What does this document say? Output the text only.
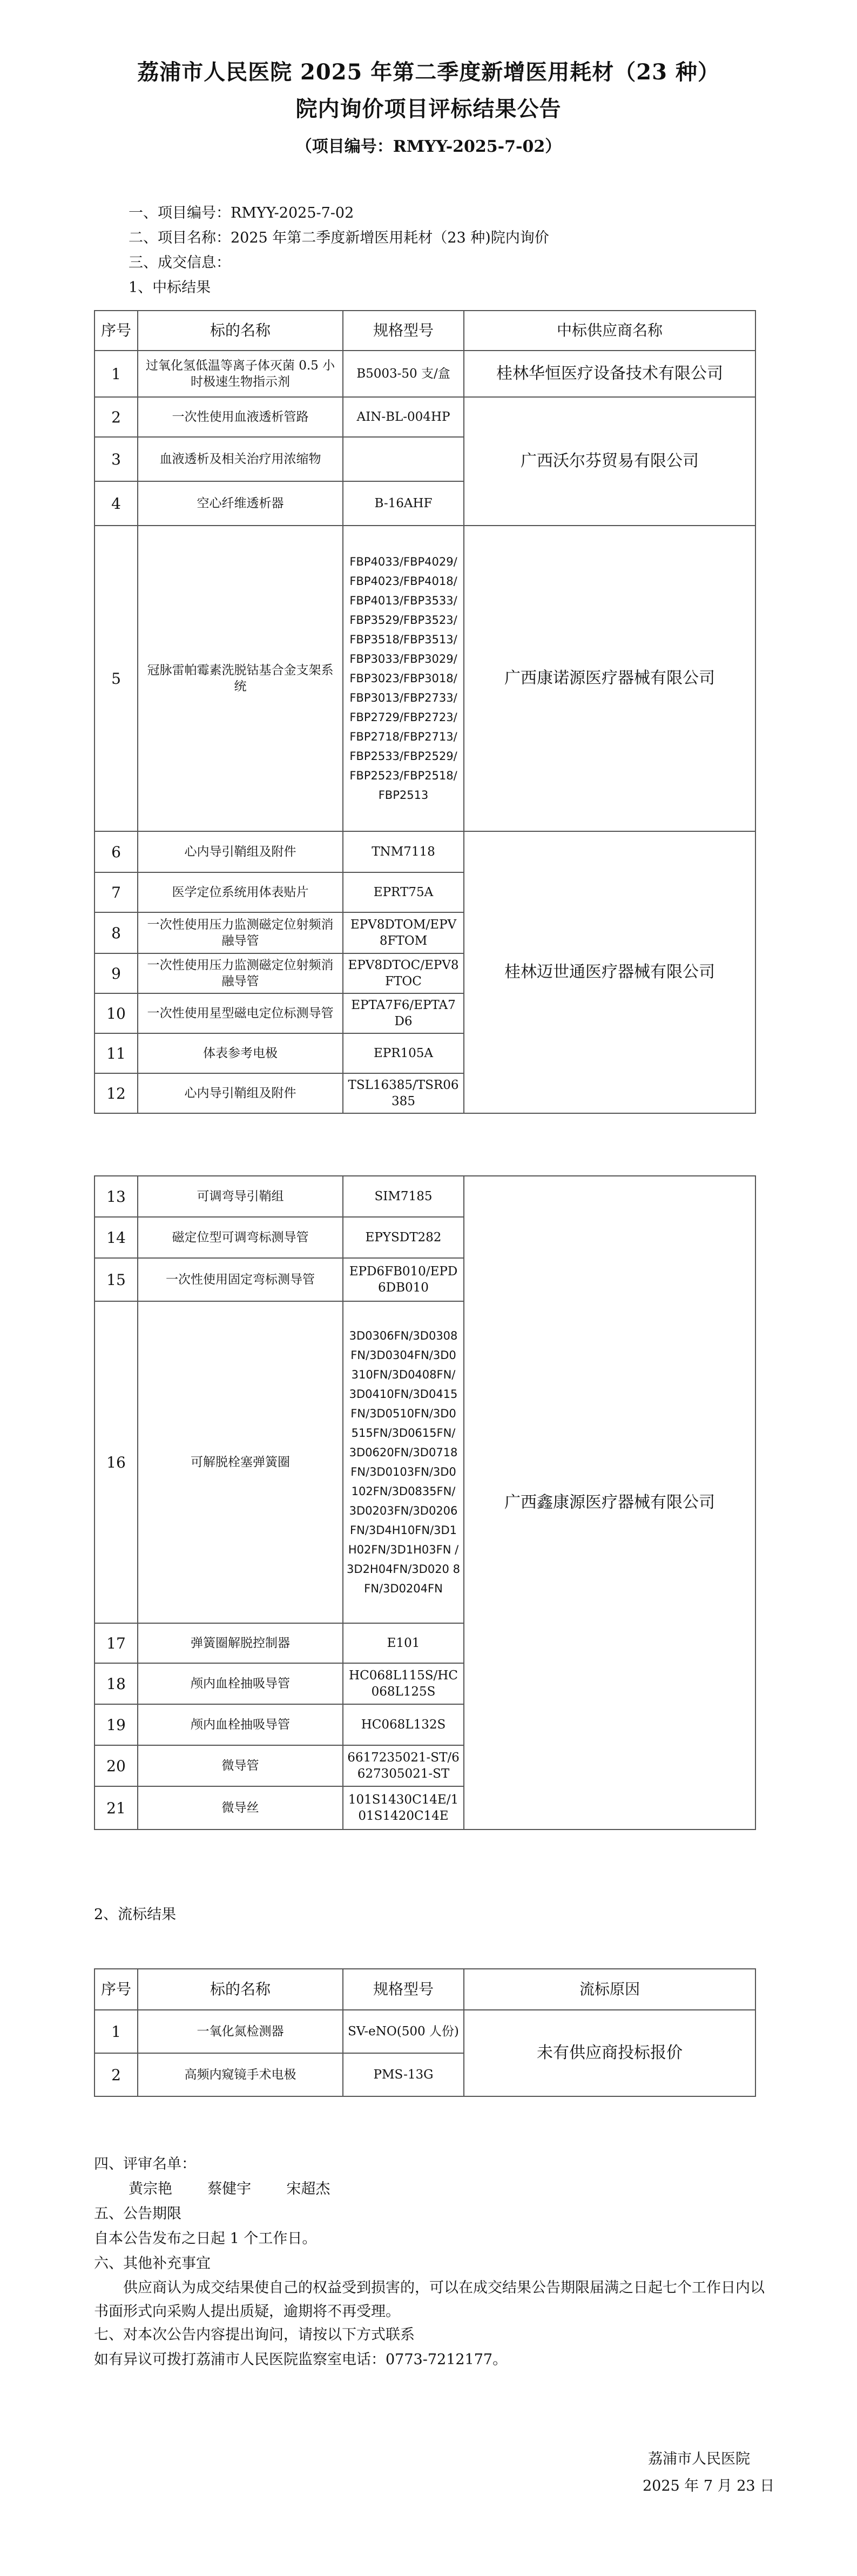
荔浦市人民医院 2025 年第二季度新增医用耗材（23 种）
院内询价项目评标结果公告
（项目编号：RMYY-2025-7-02）
一、项目编号：RMYY-2025-7-02
二、项目名称：2025 年第二季度新增医用耗材（23 种)院内询价
三、成交信息：
1、中标结果
序号	标的名称	规格型号	中标供应商名称
1	过氧化氢低温等离子体灭菌 0.5 小时极速生物指示剂	B5003-50 支/盒	桂林华恒医疗设备技术有限公司
2	一次性使用血液透析管路	AIN-BL-004HP	广西沃尔芬贸易有限公司
3	血液透析及相关治疗用浓缩物		
4	空心纤维透析器	B-16AHF	
5	冠脉雷帕霉素洗脱钴基合金支架系统	FBP4033/FBP4029/ FBP4023/FBP4018/ FBP4013/FBP3533/ FBP3529/FBP3523/ FBP3518/FBP3513/ FBP3033/FBP3029/ FBP3023/FBP3018/ FBP3013/FBP2733/ FBP2729/FBP2723/ FBP2718/FBP2713/ FBP2533/FBP2529/ FBP2523/FBP2518/ FBP2513	广西康诺源医疗器械有限公司
6	心内导引鞘组及附件	TNM7118	桂林迈世通医疗器械有限公司
7	医学定位系统用体表贴片	EPRT75A	
8	一次性使用压力监测磁定位射频消融导管	EPV8DTOM/EPV8FTOM	
9	一次性使用压力监测磁定位射频消融导管	EPV8DTOC/EPV8FTOC	
10	一次性使用星型磁电定位标测导管	EPTA7F6/EPTA7D6	
11	体表参考电极	EPR105A	
12	心内导引鞘组及附件	TSL16385/TSR06385	
13	可调弯导引鞘组	SIM7185	广西鑫康源医疗器械有限公司
14	磁定位型可调弯标测导管	EPYSDT282	
15	一次性使用固定弯标测导管	EPD6FB010/EPD6DB010	
16	可解脱栓塞弹簧圈	3D0306FN/3D0308 FN/3D0304FN/3D0 310FN/3D0408FN/ 3D0410FN/3D0415 FN/3D0510FN/3D0 515FN/3D0615FN/ 3D0620FN/3D0718 FN/3D0103FN/3D0 102FN/3D0835FN/ 3D0203FN/3D0206 FN/3D4H10FN/3D1 H02FN/3D1H03FN /3D2H04FN/3D020 8FN/3D0204FN	
17	弹簧圈解脱控制器	E101	
18	颅内血栓抽吸导管	HC068L115S/HC068L125S	
19	颅内血栓抽吸导管	HC068L132S	
20	微导管	6617235021-ST/6627305021-ST	
21	微导丝	101S1430C14E/101S1420C14E	
2、流标结果
序号	标的名称	规格型号	流标原因
1	一氧化氮检测器	SV-eNO(500 人份)	未有供应商投标报价
2	高频内窥镜手术电极	PMS-13G	
四、评审名单：
黄宗艳 蔡健宇 宋超杰
五、公告期限
自本公告发布之日起 1 个工作日。
六、其他补充事宜
供应商认为成交结果使自己的权益受到损害的，可以在成交结果公告期限届满之日起七个工作日内以书面形式向采购人提出质疑，逾期将不再受理。
七、对本次公告内容提出询问，请按以下方式联系
如有异议可拨打荔浦市人民医院监察室电话：0773-7212177。
荔浦市人民医院
2025 年 7 月 23 日
